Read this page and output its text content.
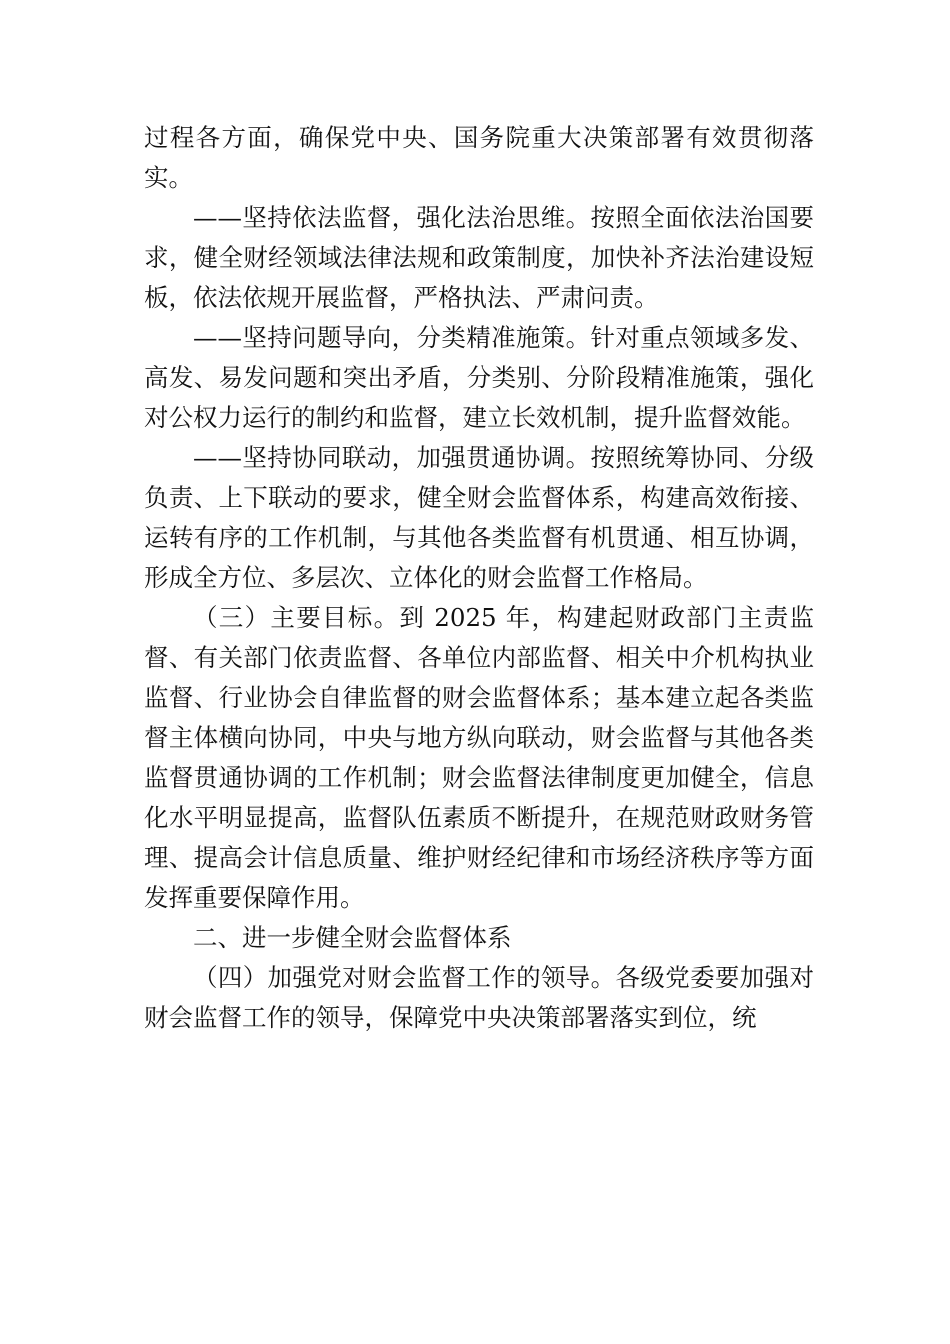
过程各方面，确保党中央、国务院重大决策部署有效贯彻落实。

——坚持依法监督，强化法治思维。按照全面依法治国要求，健全财经领域法律法规和政策制度，加快补齐法治建设短板，依法依规开展监督，严格执法、严肃问责。

——坚持问题导向，分类精准施策。针对重点领域多发、高发、易发问题和突出矛盾，分类别、分阶段精准施策，强化对公权力运行的制约和监督，建立长效机制，提升监督效能。

——坚持协同联动，加强贯通协调。按照统筹协同、分级负责、上下联动的要求，健全财会监督体系，构建高效衔接、运转有序的工作机制，与其他各类监督有机贯通、相互协调，形成全方位、多层次、立体化的财会监督工作格局。

（三）主要目标。到 2025 年，构建起财政部门主责监督、有关部门依责监督、各单位内部监督、相关中介机构执业监督、行业协会自律监督的财会监督体系；基本建立起各类监督主体横向协同，中央与地方纵向联动，财会监督与其他各类监督贯通协调的工作机制；财会监督法律制度更加健全，信息化水平明显提高，监督队伍素质不断提升，在规范财政财务管理、提高会计信息质量、维护财经纪律和市场经济秩序等方面发挥重要保障作用。

二、进一步健全财会监督体系

（四）加强党对财会监督工作的领导。各级党委要加强对财会监督工作的领导，保障党中央决策部署落实到位，统
